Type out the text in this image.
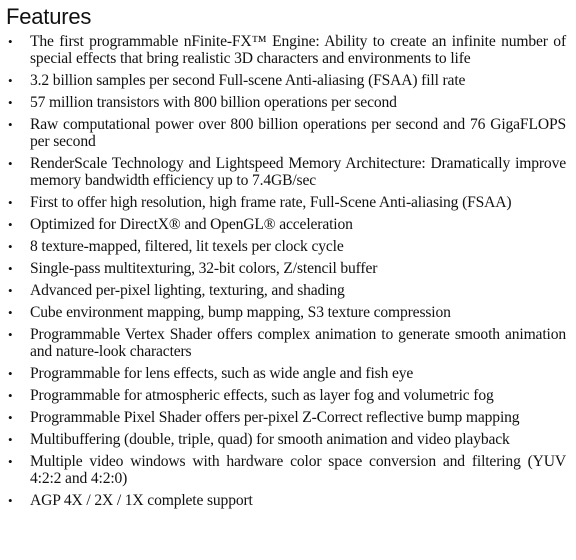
Features
•	The first programmable nFinite-FX™ Engine: Ability to create an infinite number of special effects that bring realistic 3D characters and environments to life
•	3.2 billion samples per second Full-scene Anti-aliasing (FSAA) fill rate
•	57 million transistors with 800 billion operations per second
•	Raw computational power over 800 billion operations per second and 76 GigaFLOPS per second
•	RenderScale Technology and Lightspeed Memory Architecture: Dramatically improve memory bandwidth efficiency up to 7.4GB/sec
•	First to offer high resolution, high frame rate, Full-Scene Anti-aliasing (FSAA)
•	Optimized for DirectX® and OpenGL® acceleration
•	8 texture-mapped, filtered, lit texels per clock cycle
•	Single-pass multitexturing, 32-bit colors, Z/stencil buffer
•	Advanced per-pixel lighting, texturing, and shading
•	Cube environment mapping, bump mapping, S3 texture compression
•	Programmable Vertex Shader offers complex animation to generate smooth animation and nature-look characters
•	Programmable for lens effects, such as wide angle and fish eye
•	Programmable for atmospheric effects, such as layer fog and volumetric fog
•	Programmable Pixel Shader offers per-pixel Z-Correct reflective bump mapping
•	Multibuffering (double, triple, quad) for smooth animation and video playback
•	Multiple video windows with hardware color space conversion and filtering (YUV 4:2:2 and 4:2:0)
•	AGP 4X / 2X / 1X complete support
